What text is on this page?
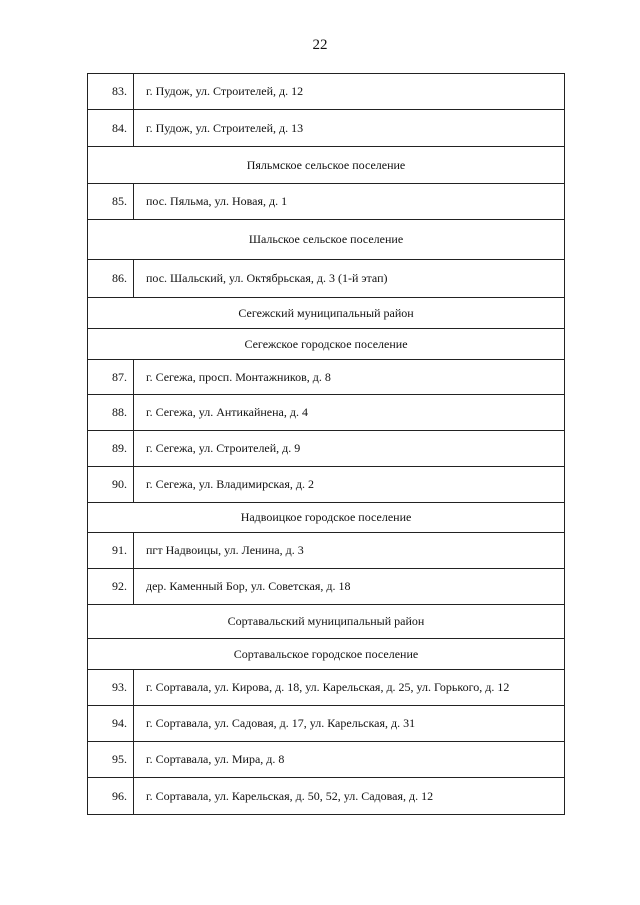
22
83.	г. Пудож, ул. Строителей, д. 12
84.	г. Пудож, ул. Строителей, д. 13
Пяльмское сельское поселение	
85.	пос. Пяльма, ул. Новая, д. 1
Шальское сельское поселение	
86.	пос. Шальский, ул. Октябрьская, д. 3 (1-й этап)
Сегежский муниципальный район	
Сегежское городское поселение	
87.	г. Сегежа, просп. Монтажников, д. 8
88.	г. Сегежа, ул. Антикайнена, д. 4
89.	г. Сегежа, ул. Строителей, д. 9
90.	г. Сегежа, ул. Владимирская, д. 2
Надвоицкое городское поселение	
91.	пгт Надвоицы, ул. Ленина, д. 3
92.	дер. Каменный Бор, ул. Советская, д. 18
Сортавальский муниципальный район	
Сортавальское городское поселение	
93.	г. Сортавала, ул. Кирова, д. 18, ул. Карельская, д. 25, ул. Горького, д. 12
94.	г. Сортавала, ул. Садовая, д. 17, ул. Карельская, д. 31
95.	г. Сортавала, ул. Мира, д. 8
96.	г. Сортавала, ул. Карельская, д. 50, 52, ул. Садовая, д. 12
